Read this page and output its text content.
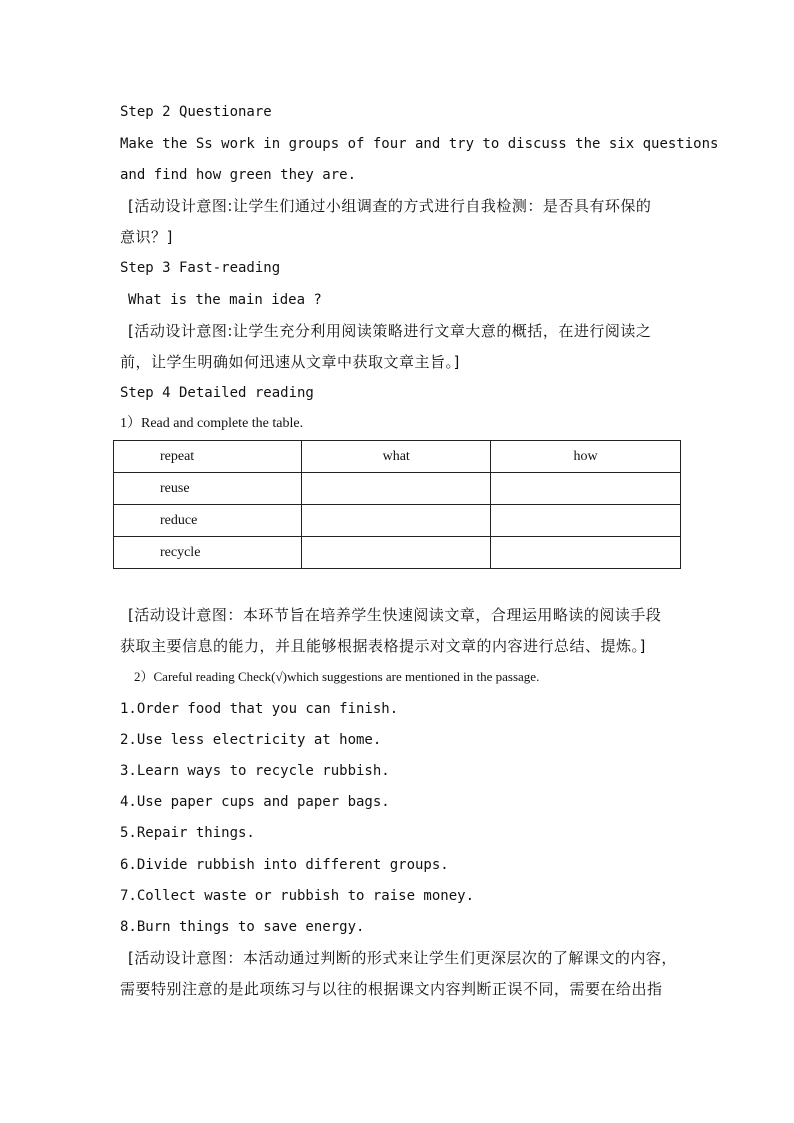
Step 2 Questionare
Make the Ss work in groups of four and try to discuss the six questions
and find how green they are.
[活动设计意图:让学生们通过小组调查的方式进行自我检测：是否具有环保的
意识？]
Step 3 Fast-reading
What is the main idea ?
[活动设计意图:让学生充分利用阅读策略进行文章大意的概括，在进行阅读之
前，让学生明确如何迅速从文章中获取文章主旨。]
Step 4 Detailed reading
1）Read and complete the table.
repeat	what	how
reuse		
reduce		
recycle		
[活动设计意图：本环节旨在培养学生快速阅读文章，合理运用略读的阅读手段
获取主要信息的能力，并且能够根据表格提示对文章的内容进行总结、提炼。]
2）Careful reading Check(√)which suggestions are mentioned in the passage.
1.Order food that you can finish.
2.Use less electricity at home.
3.Learn ways to recycle rubbish.
4.Use paper cups and paper bags.
5.Repair things.
6.Divide rubbish into different groups.
7.Collect waste or rubbish to raise money.
8.Burn things to save energy.
[活动设计意图：本活动通过判断的形式来让学生们更深层次的了解课文的内容，
需要特别注意的是此项练习与以往的根据课文内容判断正误不同，需要在给出指
